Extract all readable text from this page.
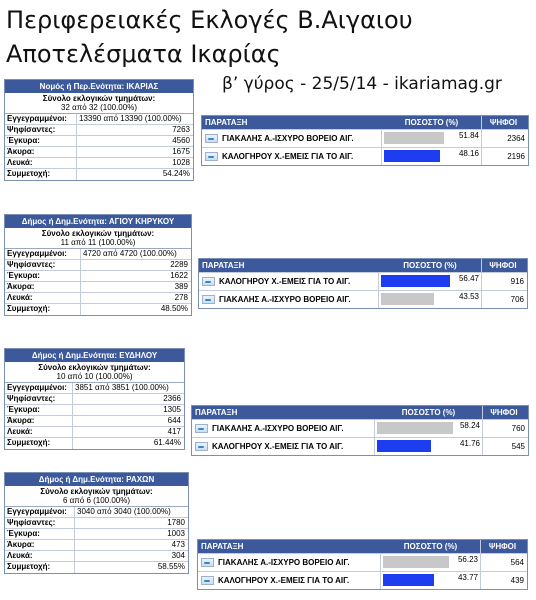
Περιφερειακές Εκλογές Β.Αιγαιου
Αποτελέσματα Ικαρίας
β’ γύρος - 25/5/14 - ikariamag.gr
Νομός ή Περ.Ενότητα: ΙΚΑΡΙΑΣ
Σύνολο εκλογικών τμημάτων:
32 από 32 (100.00%)
Εγγεγραμμένοι:	13390 από 13390 (100.00%)
Ψηφίσαντες:	7263
Έγκυρα:	4560
Άκυρα:	1675
Λευκά:	1028
Συμμετοχή:	54.24%
ΠΑΡΑΤΑΞΗ	ΠΟΣΟΣΤΟ (%)	ΨΗΦΟΙ
ΓΙΑΚΑΛΗΣ Α.-ΙΣΧΥΡΟ ΒΟΡΕΙΟ ΑΙΓ.	51.84	2364
ΚΑΛΟΓΗΡΟΥ Χ.-ΕΜΕΙΣ ΓΙΑ ΤΟ ΑΙΓ.	48.16	2196
Δήμος ή Δημ.Ενότητα: ΑΓΙΟΥ ΚΗΡΥΚΟΥ
Σύνολο εκλογικών τμημάτων:
11 από 11 (100.00%)
Εγγεγραμμένοι:	4720 από 4720 (100.00%)
Ψηφίσαντες:	2289
Έγκυρα:	1622
Άκυρα:	389
Λευκά:	278
Συμμετοχή:	48.50%
ΠΑΡΑΤΑΞΗ	ΠΟΣΟΣΤΟ (%)	ΨΗΦΟΙ
ΚΑΛΟΓΗΡΟΥ Χ.-ΕΜΕΙΣ ΓΙΑ ΤΟ ΑΙΓ.	56.47	916
ΓΙΑΚΑΛΗΣ Α.-ΙΣΧΥΡΟ ΒΟΡΕΙΟ ΑΙΓ.	43.53	706
Δήμος ή Δημ.Ενότητα: ΕΥΔΗΛΟΥ
Σύνολο εκλογικών τμημάτων:
10 από 10 (100.00%)
Εγγεγραμμένοι:	3851 από 3851 (100.00%)
Ψηφίσαντες:	2366
Έγκυρα:	1305
Άκυρα:	644
Λευκά:	417
Συμμετοχή:	61.44%
ΠΑΡΑΤΑΞΗ	ΠΟΣΟΣΤΟ (%)	ΨΗΦΟΙ
ΓΙΑΚΑΛΗΣ Α.-ΙΣΧΥΡΟ ΒΟΡΕΙΟ ΑΙΓ.	58.24	760
ΚΑΛΟΓΗΡΟΥ Χ.-ΕΜΕΙΣ ΓΙΑ ΤΟ ΑΙΓ.	41.76	545
Δήμος ή Δημ.Ενότητα: ΡΑΧΩΝ
Σύνολο εκλογικών τμημάτων:
6 από 6 (100.00%)
Εγγεγραμμένοι:	3040 από 3040 (100.00%)
Ψηφίσαντες:	1780
Έγκυρα:	1003
Άκυρα:	473
Λευκά:	304
Συμμετοχή:	58.55%
ΠΑΡΑΤΑΞΗ	ΠΟΣΟΣΤΟ (%)	ΨΗΦΟΙ
ΓΙΑΚΑΛΗΣ Α.-ΙΣΧΥΡΟ ΒΟΡΕΙΟ ΑΙΓ.	56.23	564
ΚΑΛΟΓΗΡΟΥ Χ.-ΕΜΕΙΣ ΓΙΑ ΤΟ ΑΙΓ.	43.77	439
